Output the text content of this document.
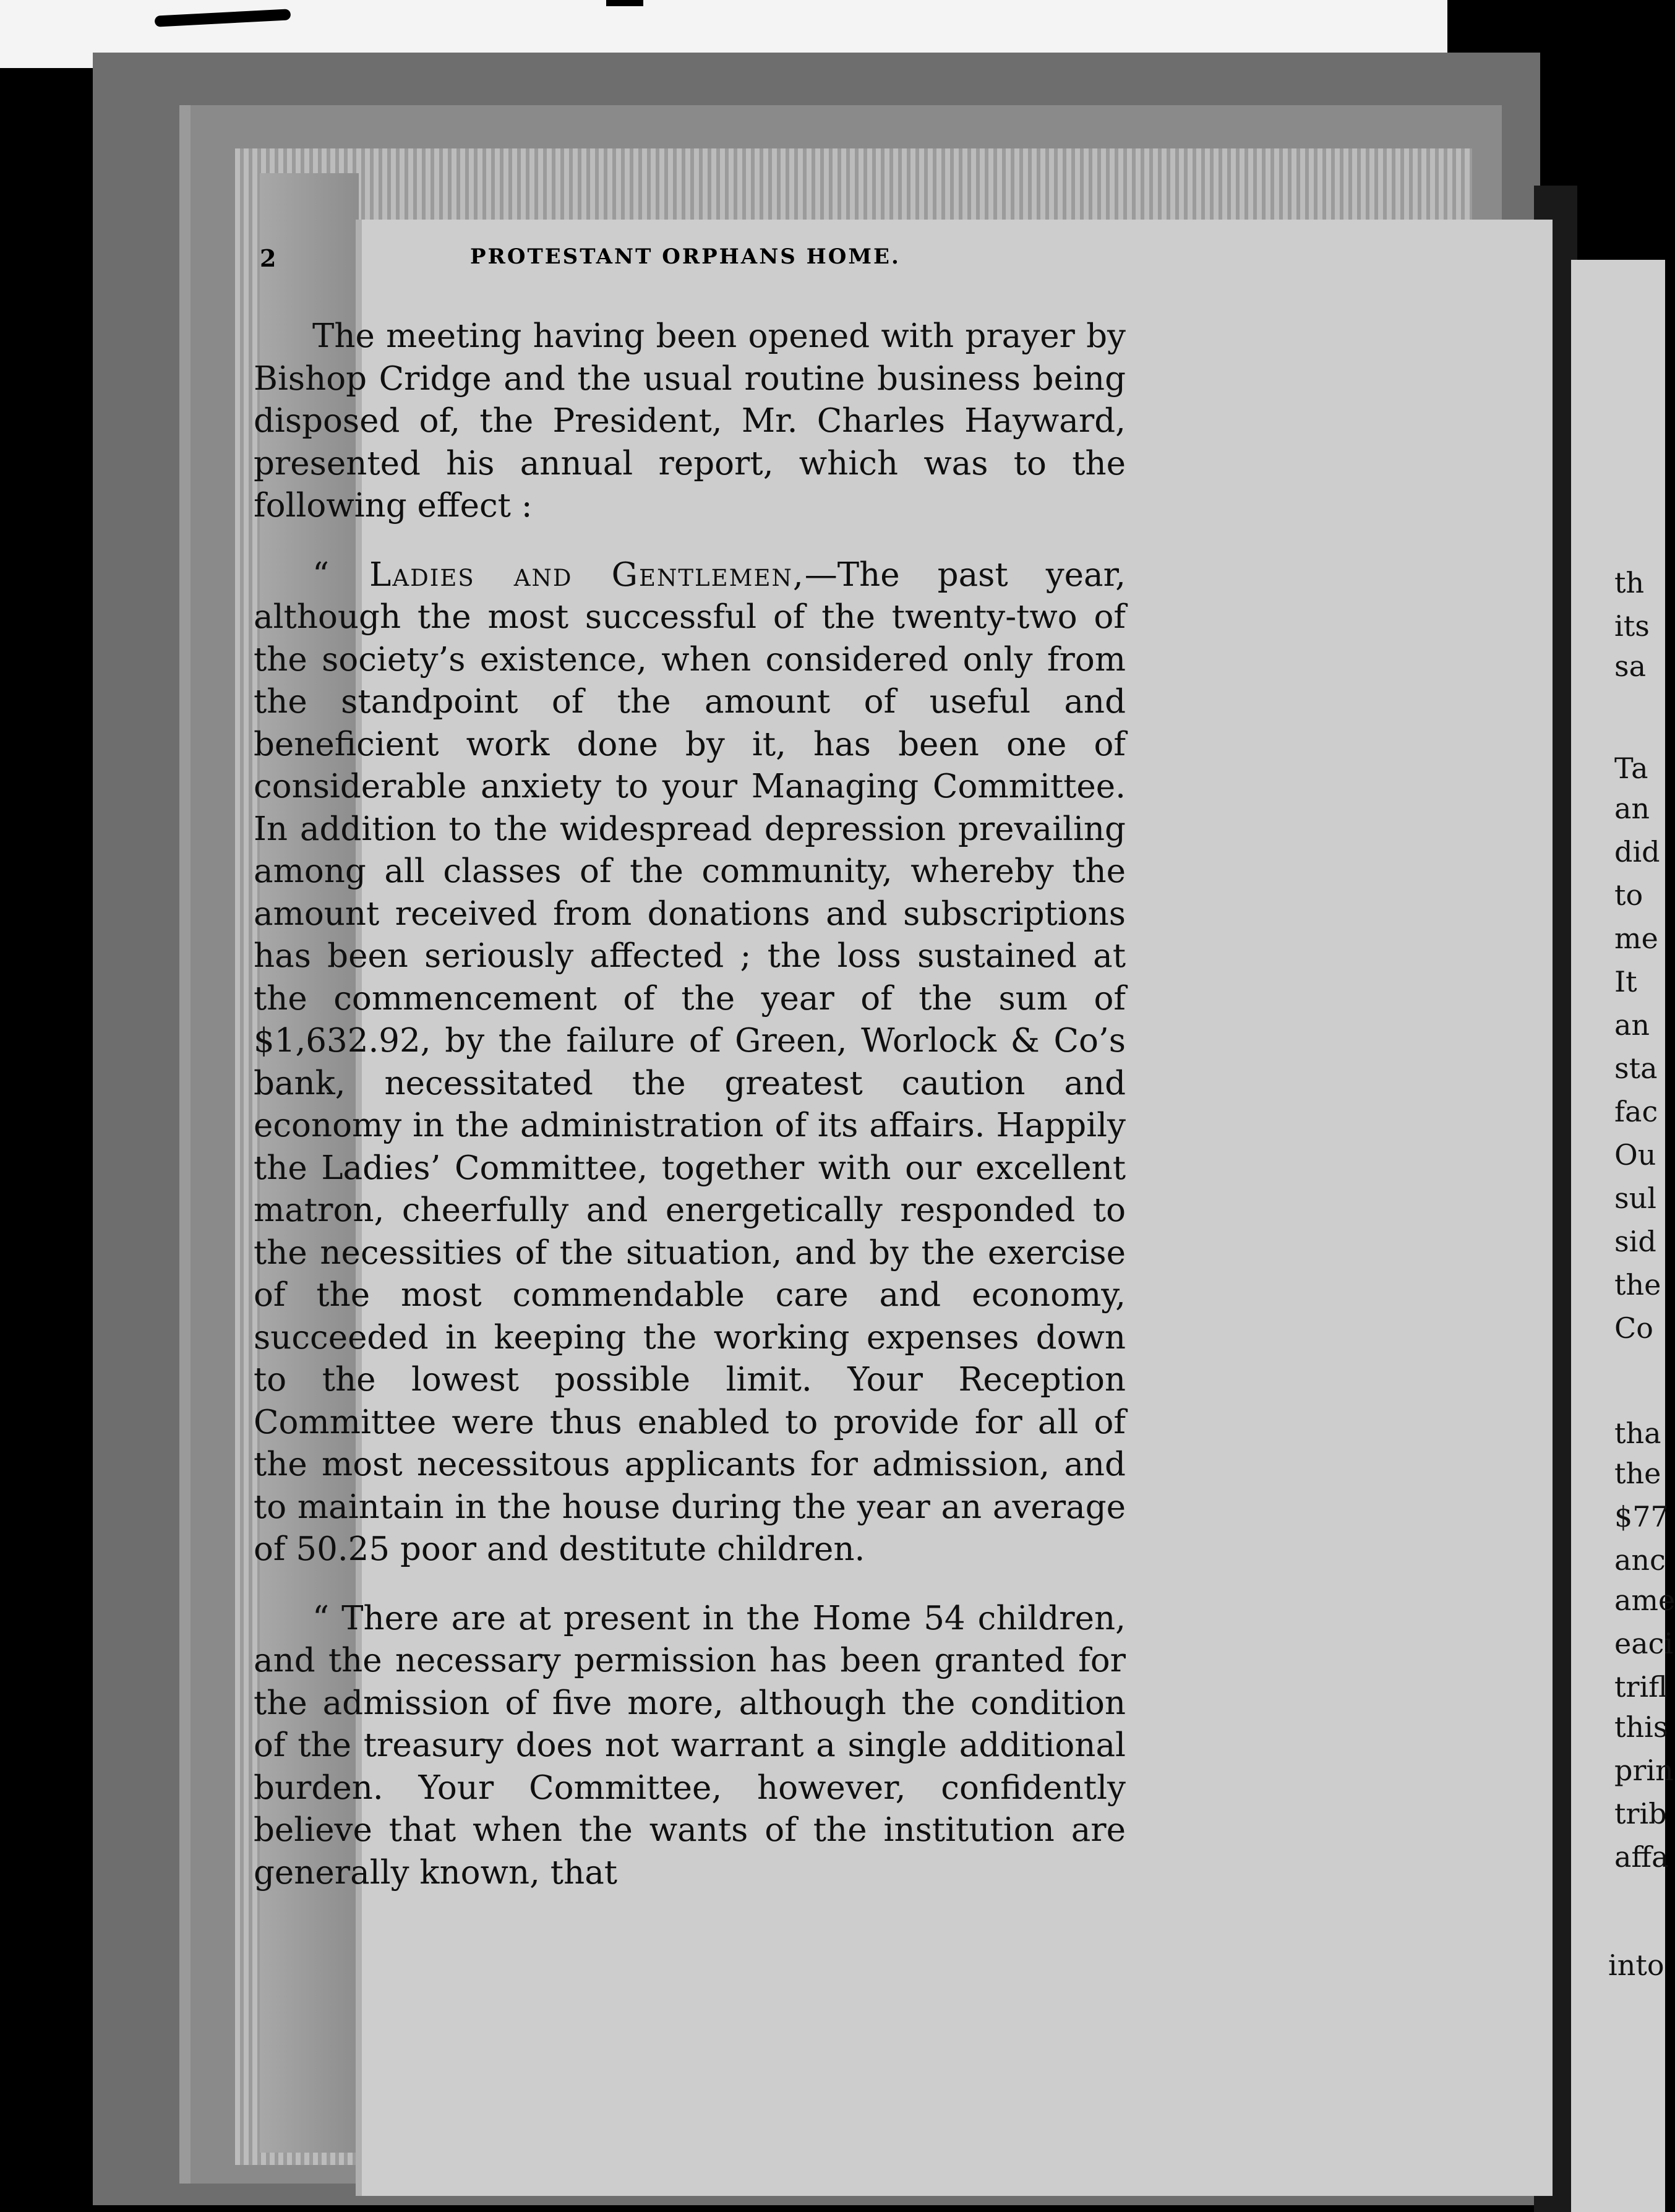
2	PROTESTANT ORPHANS HOME.

The meeting having been opened with prayer by Bishop Cridge and the usual routine business being disposed of, the President, Mr. Charles Hayward, presented his annual report, which was to the following effect :

“ Ladies and Gentlemen,—The past year, although the most successful of the twenty-two of the society’s existence, when considered only from the standpoint of the amount of useful and beneficient work done by it, has been one of considerable anxiety to your Managing Committee. In addition to the widespread depression prevailing among all classes of the community, whereby the amount received from donations and subscriptions has been seriously affected ; the loss sustained at the commencement of the year of the sum of $1,632.92, by the failure of Green, Worlock & Co’s bank, necessitated the greatest caution and economy in the administration of its affairs. Happily the Ladies’ Committee, together with our excellent matron, cheerfully and energetically responded to the necessities of the situation, and by the exercise of the most commendable care and economy, succeeded in keeping the working expenses down to the lowest possible limit. Your Reception Committee were thus enabled to provide for all of the most necessitous applicants for admission, and to maintain in the house during the year an average of 50.25 poor and destitute children.

“ There are at present in the Home 54 children, and the necessary permission has been granted for the admission of five more, although the condition of the treasury does not warrant a single additional burden. Your Committee, however, confidently believe that when the wants of the institution are generally known, that

th
its
sa
Ta
an
did
to
me
It
an
sta
fac
Ou
sul
sid
the
Co
tha
the
$77
anc
ame
eaci
trifl
this
prin
trib
affa
into
